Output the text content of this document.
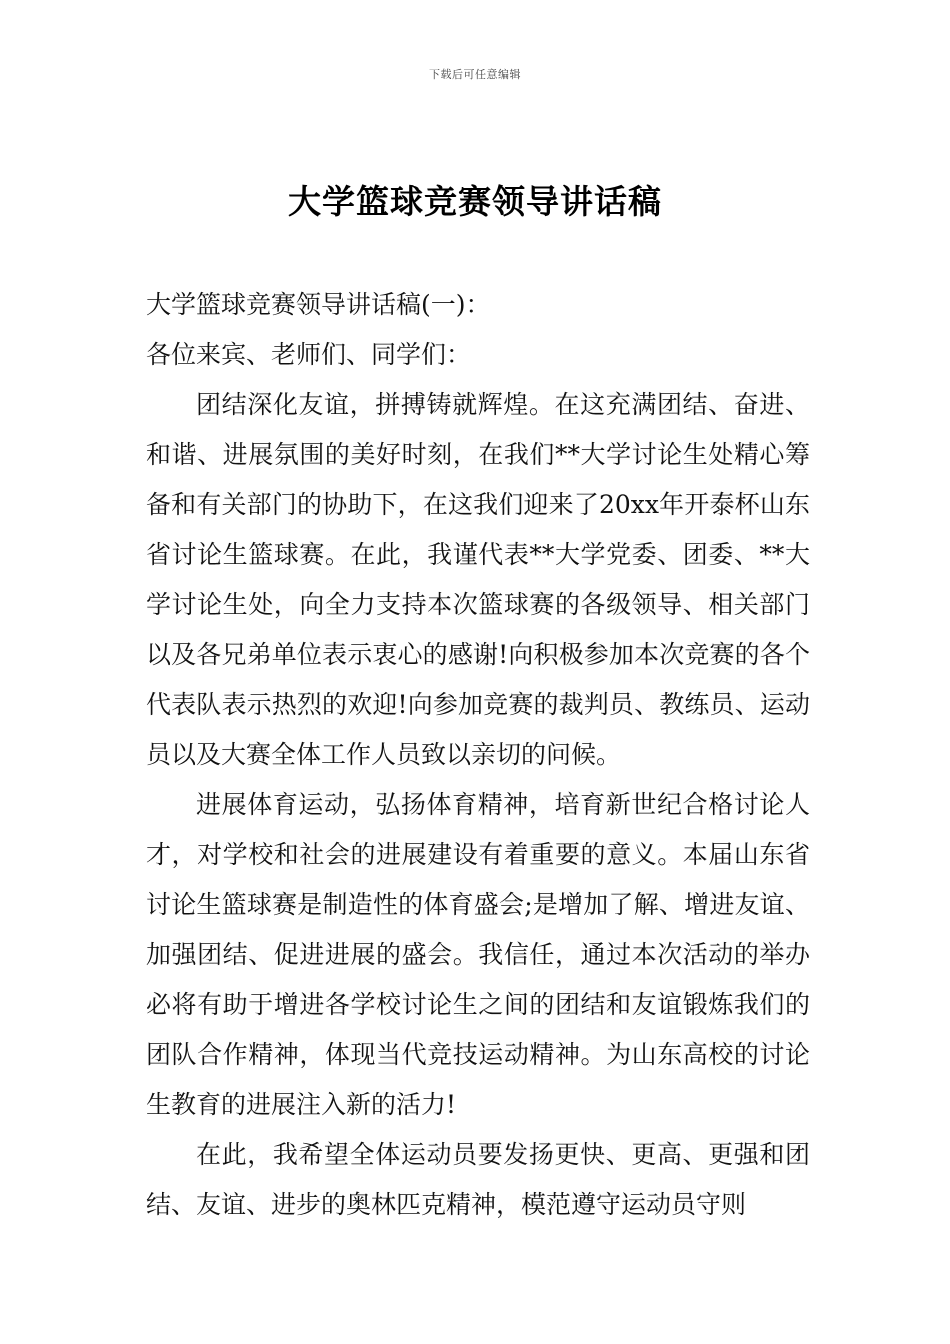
下载后可任意编辑
大学篮球竞赛领导讲话稿

大学篮球竞赛领导讲话稿(一)：

各位来宾、老师们、同学们：

团结深化友谊，拼搏铸就辉煌。在这充满团结、奋进、和谐、进展氛围的美好时刻，在我们**大学讨论生处精心筹备和有关部门的协助下，在这我们迎来了20xx年开泰杯山东省讨论生篮球赛。在此，我谨代表**大学党委、团委、**大学讨论生处，向全力支持本次篮球赛的各级领导、相关部门以及各兄弟单位表示衷心的感谢!向积极参加本次竞赛的各个代表队表示热烈的欢迎!向参加竞赛的裁判员、教练员、运动员以及大赛全体工作人员致以亲切的问候。

进展体育运动，弘扬体育精神，培育新世纪合格讨论人才，对学校和社会的进展建设有着重要的意义。本届山东省讨论生篮球赛是制造性的体育盛会;是增加了解、增进友谊、加强团结、促进进展的盛会。我信任，通过本次活动的举办必将有助于增进各学校讨论生之间的团结和友谊锻炼我们的团队合作精神，体现当代竞技运动精神。为山东高校的讨论生教育的进展注入新的活力!

在此，我希望全体运动员要发扬更快、更高、更强和团结、友谊、进步的奥林匹克精神，模范遵守运动员守则
